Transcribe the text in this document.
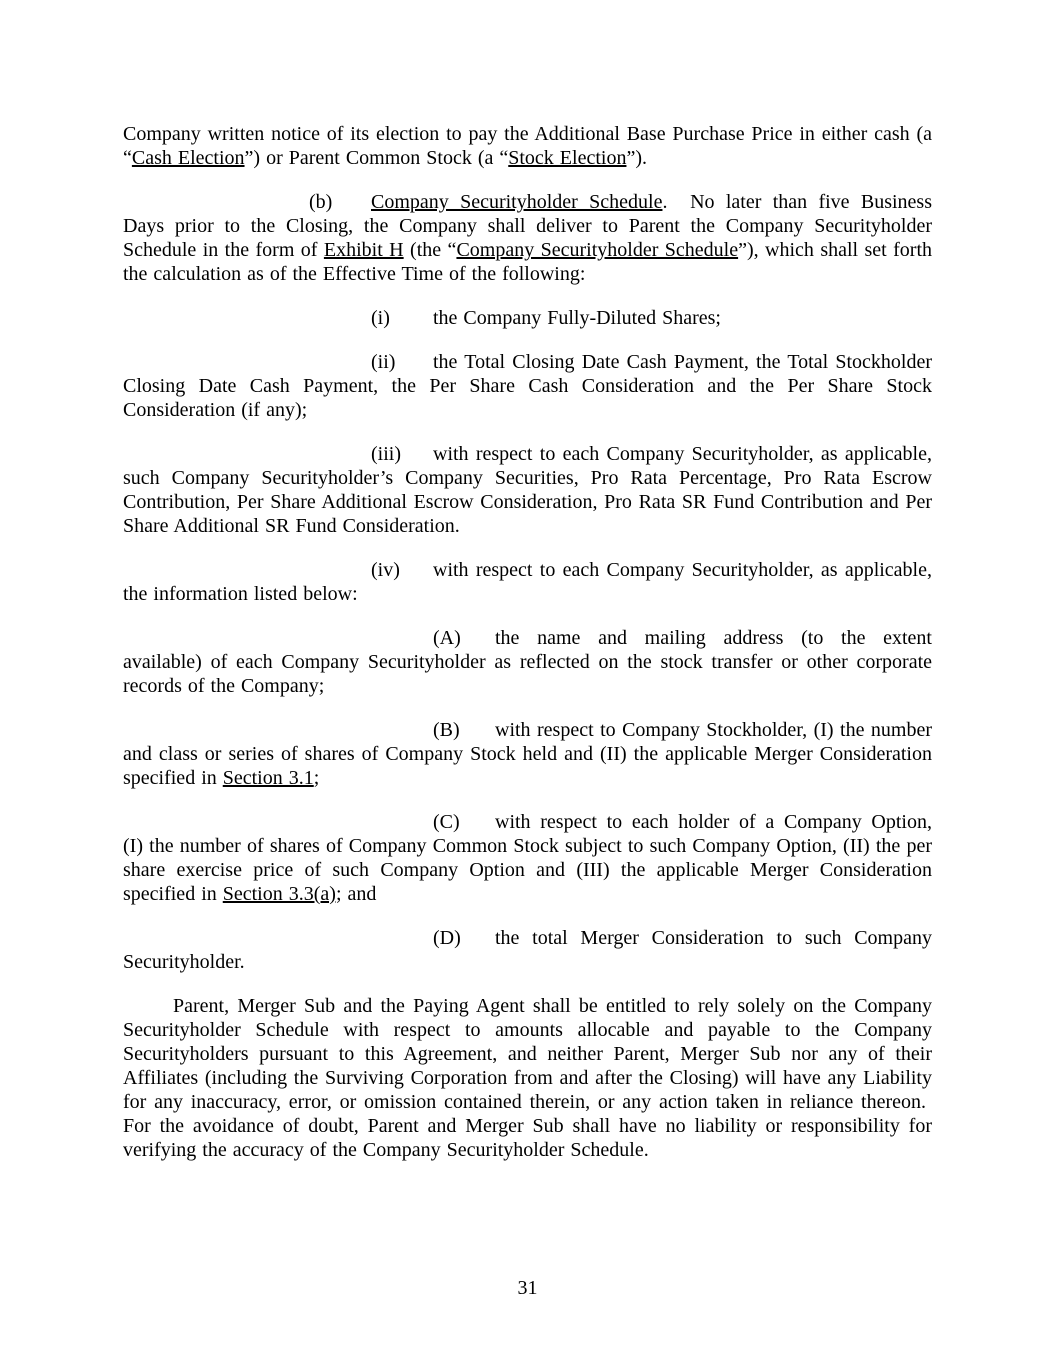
Company written notice of its election to pay the Additional Base Purchase Price in either cash (a “Cash Election”) or Parent Common Stock (a “Stock Election”).

(b) Company Securityholder Schedule.  No later than five Business Days prior to the Closing, the Company shall deliver to Parent the Company Securityholder Schedule in the form of Exhibit H (the “Company Securityholder Schedule”), which shall set forth the calculation as of the Effective Time of the following:

(i) the Company Fully-Diluted Shares;

(ii) the Total Closing Date Cash Payment, the Total Stockholder Closing Date Cash Payment, the Per Share Cash Consideration and the Per Share Stock Consideration (if any);

(iii) with respect to each Company Securityholder, as applicable, such Company Securityholder’s Company Securities, Pro Rata Percentage, Pro Rata Escrow Contribution, Per Share Additional Escrow Consideration, Pro Rata SR Fund Contribution and Per Share Additional SR Fund Consideration.

(iv) with respect to each Company Securityholder, as applicable, the information listed below:

(A) the name and mailing address (to the extent available) of each Company Securityholder as reflected on the stock transfer or other corporate records of the Company;

(B) with respect to Company Stockholder, (I) the number and class or series of shares of Company Stock held and (II) the applicable Merger Consideration specified in Section 3.1;

(C) with respect to each holder of a Company Option, (I) the number of shares of Company Common Stock subject to such Company Option, (II) the per share exercise price of such Company Option and (III) the applicable Merger Consideration specified in Section 3.3(a); and

(D) the total Merger Consideration to such Company Securityholder.

Parent, Merger Sub and the Paying Agent shall be entitled to rely solely on the Company Securityholder Schedule with respect to amounts allocable and payable to the Company Securityholders pursuant to this Agreement, and neither Parent, Merger Sub nor any of their Affiliates (including the Surviving Corporation from and after the Closing) will have any Liability for any inaccuracy, error, or omission contained therein, or any action taken in reliance thereon.  For the avoidance of doubt, Parent and Merger Sub shall have no liability or responsibility for verifying the accuracy of the Company Securityholder Schedule.

31
